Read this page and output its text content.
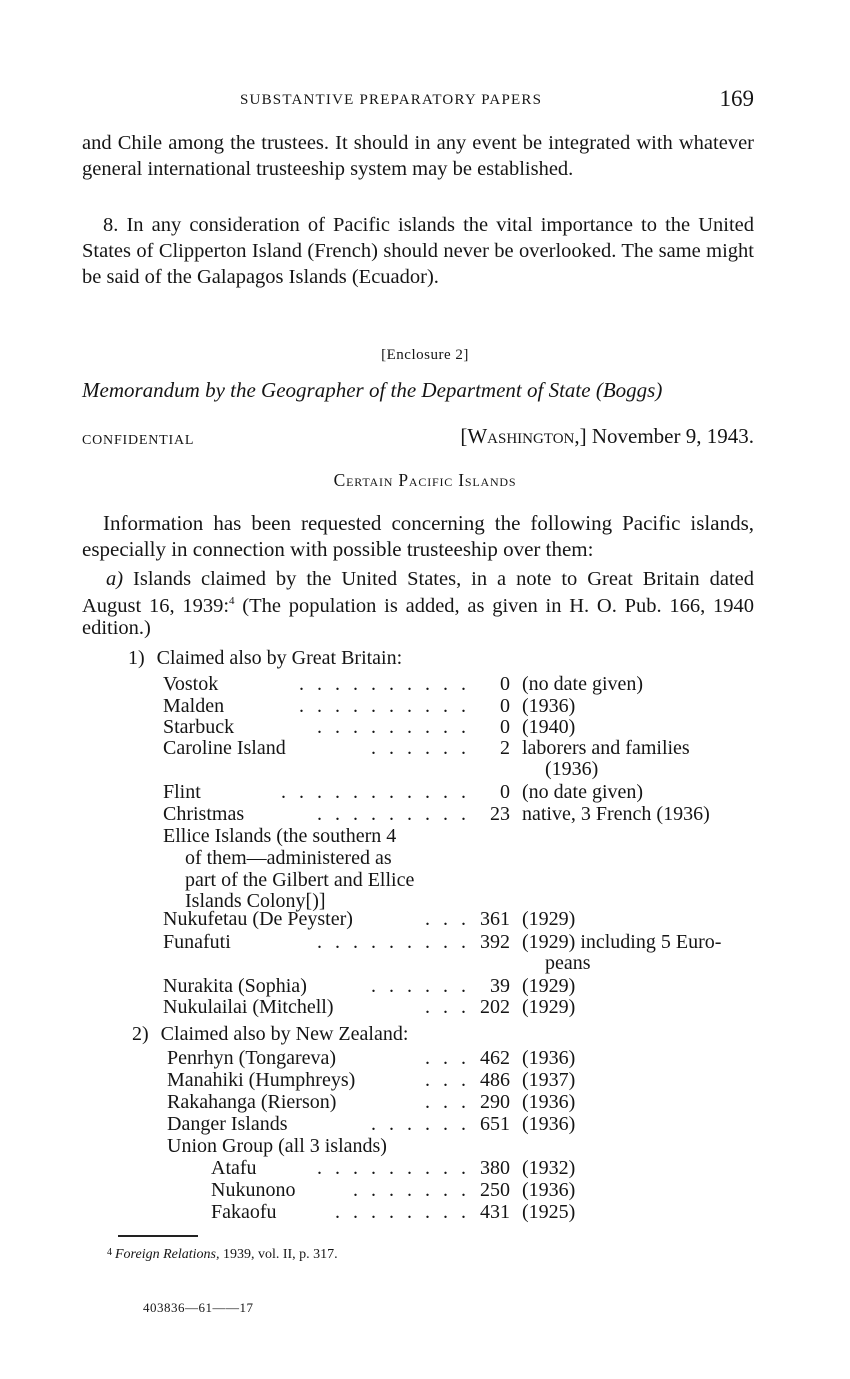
SUBSTANTIVE PREPARATORY PAPERS	169
and Chile among the trustees. It should in any event be integrated with whatever general international trusteeship system may be established.
8. In any consideration of Pacific islands the vital importance to the United States of Clipperton Island (French) should never be overlooked. The same might be said of the Galapagos Islands (Ecuador).
[Enclosure 2]
Memorandum by the Geographer of the Department of State (Boggs)
CONFIDENTIAL	[Washington,] November 9, 1943.
Certain Pacific Islands
Information has been requested concerning the following Pacific islands, especially in connection with possible trusteeship over them:
a) Islands claimed by the United States, in a note to Great Britain dated August 16, 1939:$^4$ (The population is added, as given in H. O. Pub. 166, 1940 edition.)
1) Claimed also by Great Britain:
Vostok	. . . . . . . . . .	0 (no date given)
Malden	. . . . . . . . . .	0 (1936)
Starbuck	. . . . . . . . .	0 (1940)
Caroline Island	. . . . . .	2 laborers and families
(1936)
Flint	. . . . . . . . . . .	0 (no date given)
Christmas	. . . . . . . . .	23 native, 3 French (1936)
Ellice Islands (the southern 4
of them—administered as
part of the Gilbert and Ellice
Islands Colony[)]
Nukufetau (De Peyster)	. . . 361 (1929)
Funafuti	. . . . . . . . . 392 (1929) including 5 Euro-
peans
Nurakita (Sophia)	. . . . . .	39 (1929)
Nukulailai (Mitchell)	. . . 202 (1929)
2) Claimed also by New Zealand:
Penrhyn (Tongareva)	. . . 462 (1936)
Manahiki (Humphreys)	. . . 486 (1937)
Rakahanga (Rierson)	. . . 290 (1936)
Danger Islands	. . . . . . 651 (1936)
Union Group (all 3 islands)
Atafu	. . . . . . . . . 380 (1932)
Nukunono	. . . . . . . 250 (1936)
Fakaofu	. . . . . . . . 431 (1925)
$^4$ Foreign Relations, 1939, vol. II, p. 317.
403836—61——17
